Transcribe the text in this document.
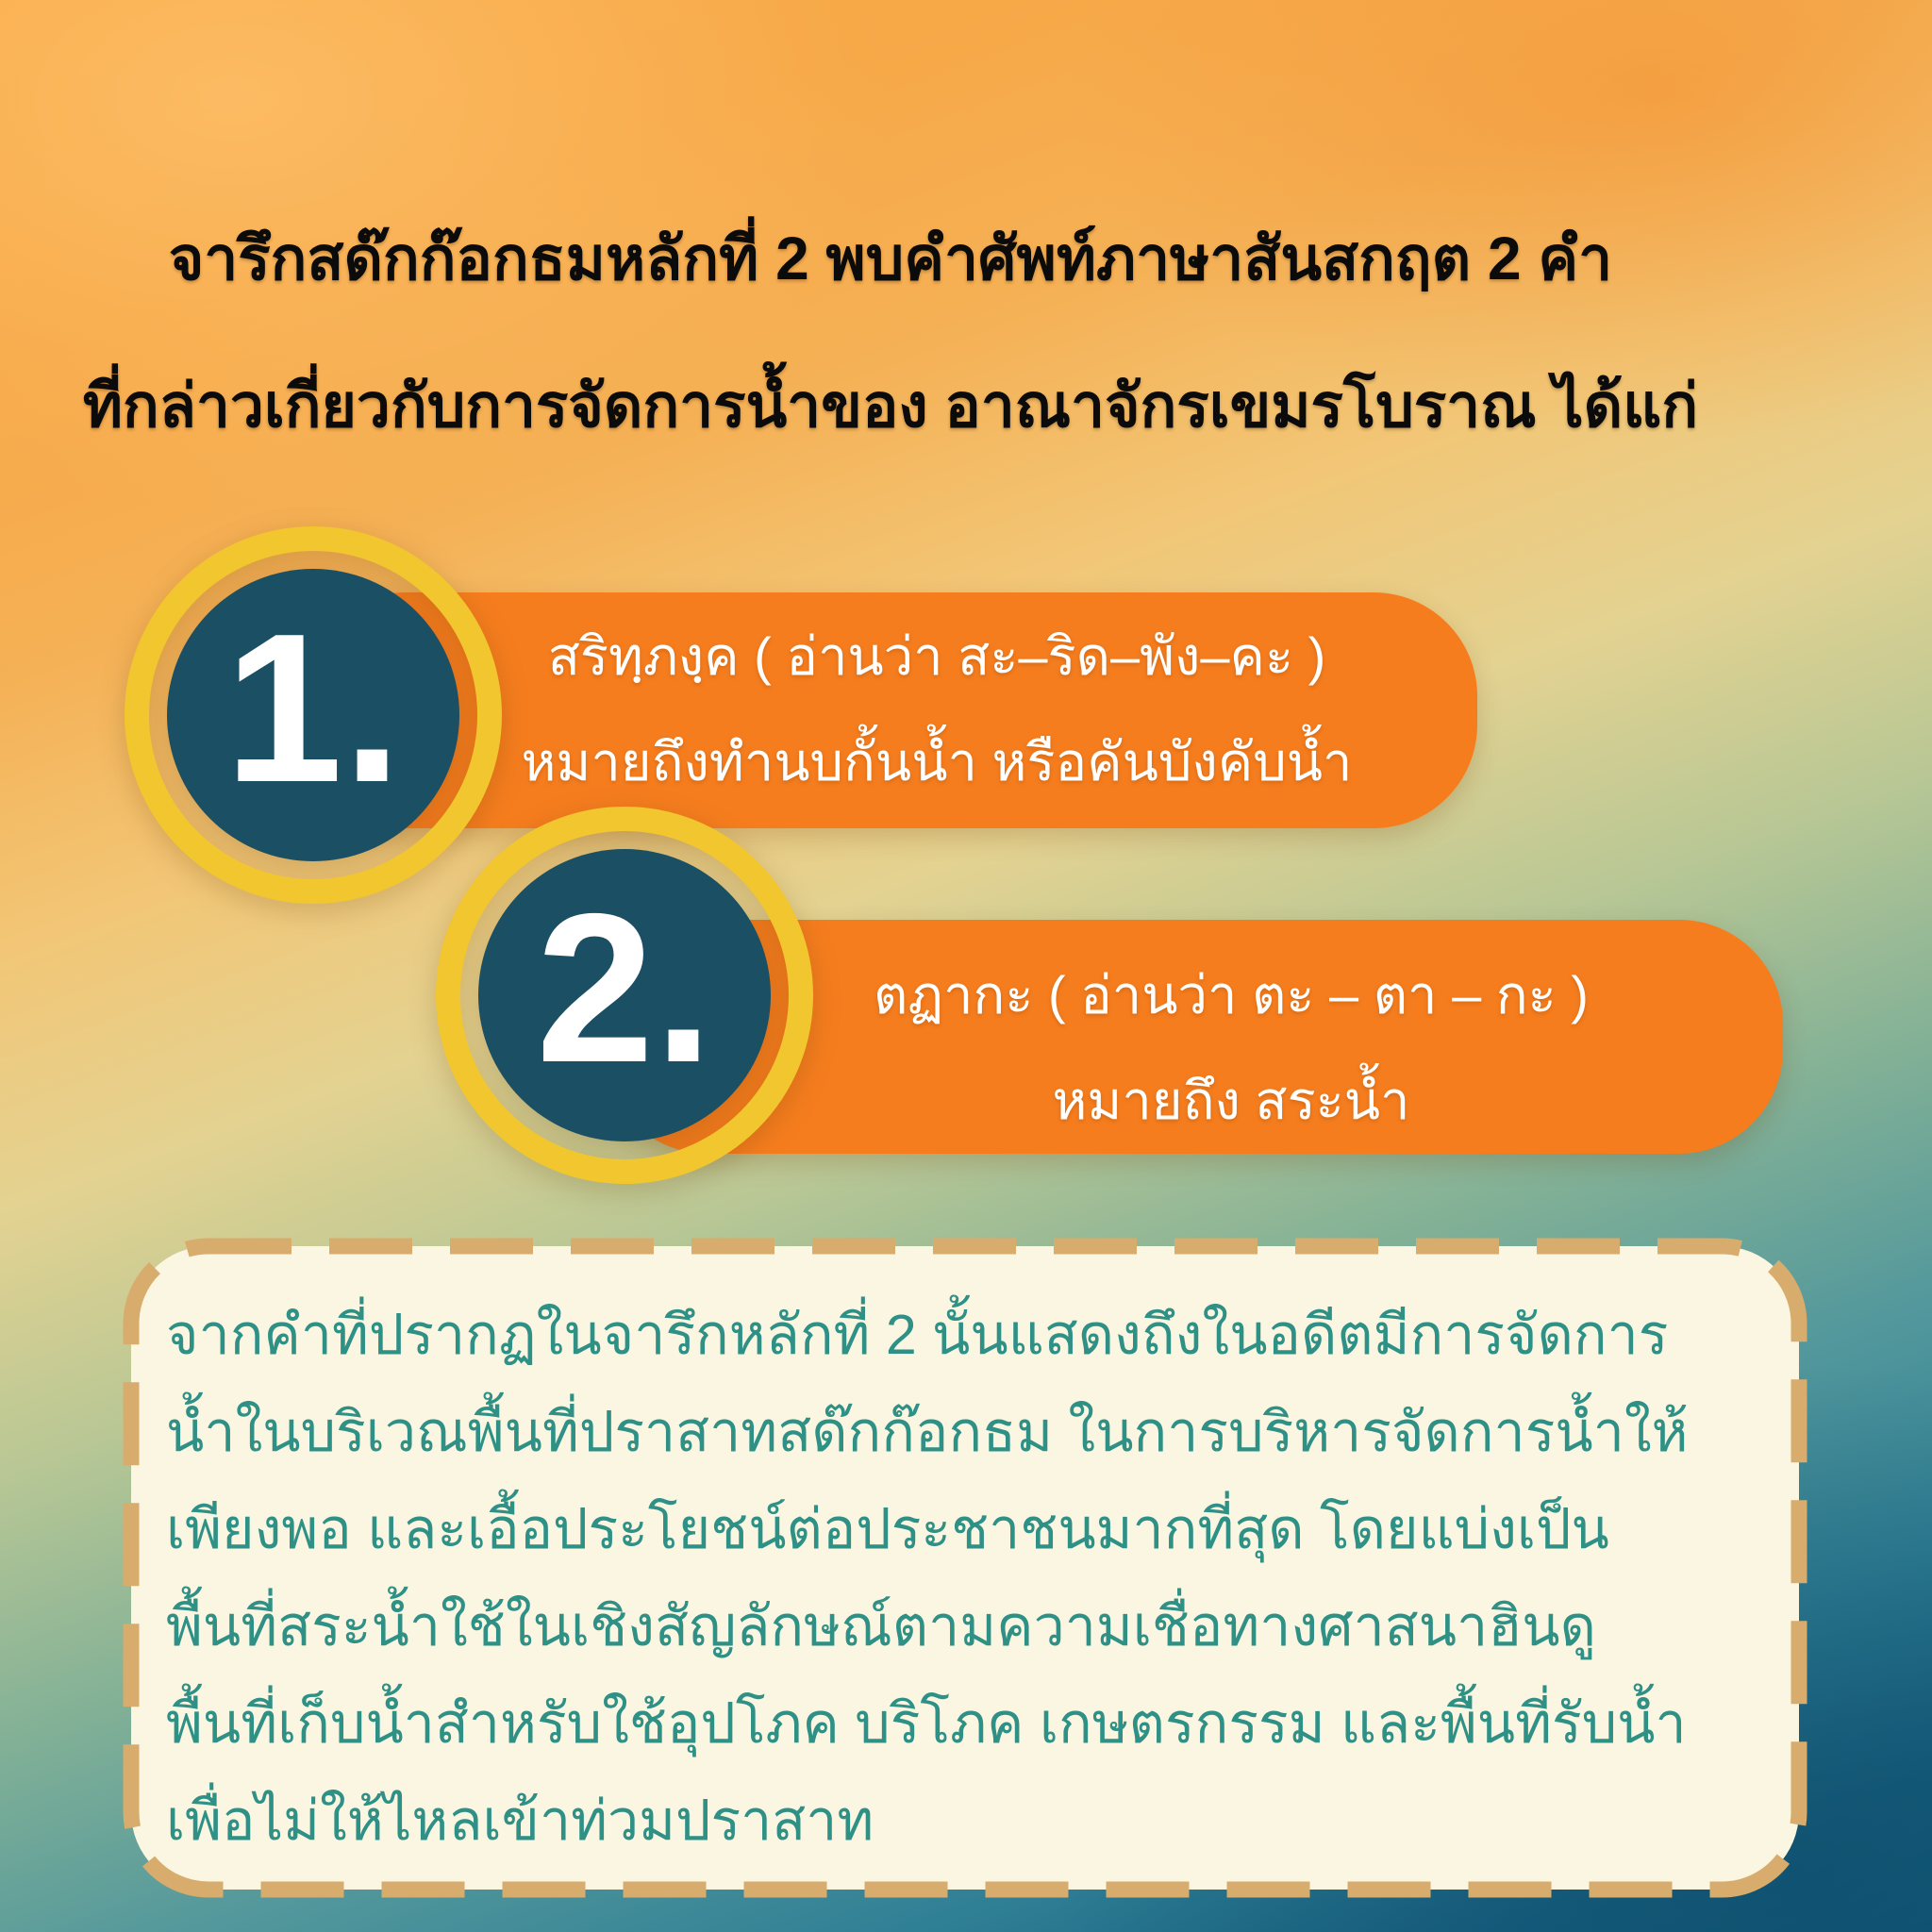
จารึกสด๊กก๊อกธมหลักที่ 2 พบคำศัพท์ภาษาสันสกฤต 2 คำ
ที่กล่าวเกี่ยวกับการจัดการน้ำของ อาณาจักรเขมรโบราณ ได้แก่
สริทฺภงฺค ( อ่านว่า สะ–ริด–พัง–คะ )
หมายถึงทำนบกั้นน้ำ หรือคันบังคับน้ำ
1.
ตฏากะ ( อ่านว่า ตะ – ตา – กะ )
หมายถึง สระน้ำ
2.
จากคำที่ปรากฏในจารึกหลักที่ 2 นั้นแสดงถึงในอดีตมีการจัดการ
น้ำในบริเวณพื้นที่ปราสาทสด๊กก๊อกธม ในการบริหารจัดการน้ำให้
เพียงพอ และเอื้อประโยชน์ต่อประชาชนมากที่สุด โดยแบ่งเป็น
พื้นที่สระน้ำใช้ในเชิงสัญลักษณ์ตามความเชื่อทางศาสนาฮินดู
พื้นที่เก็บน้ำสำหรับใช้อุปโภค บริโภค เกษตรกรรม และพื้นที่รับน้ำ
เพื่อไม่ให้ไหลเข้าท่วมปราสาท
